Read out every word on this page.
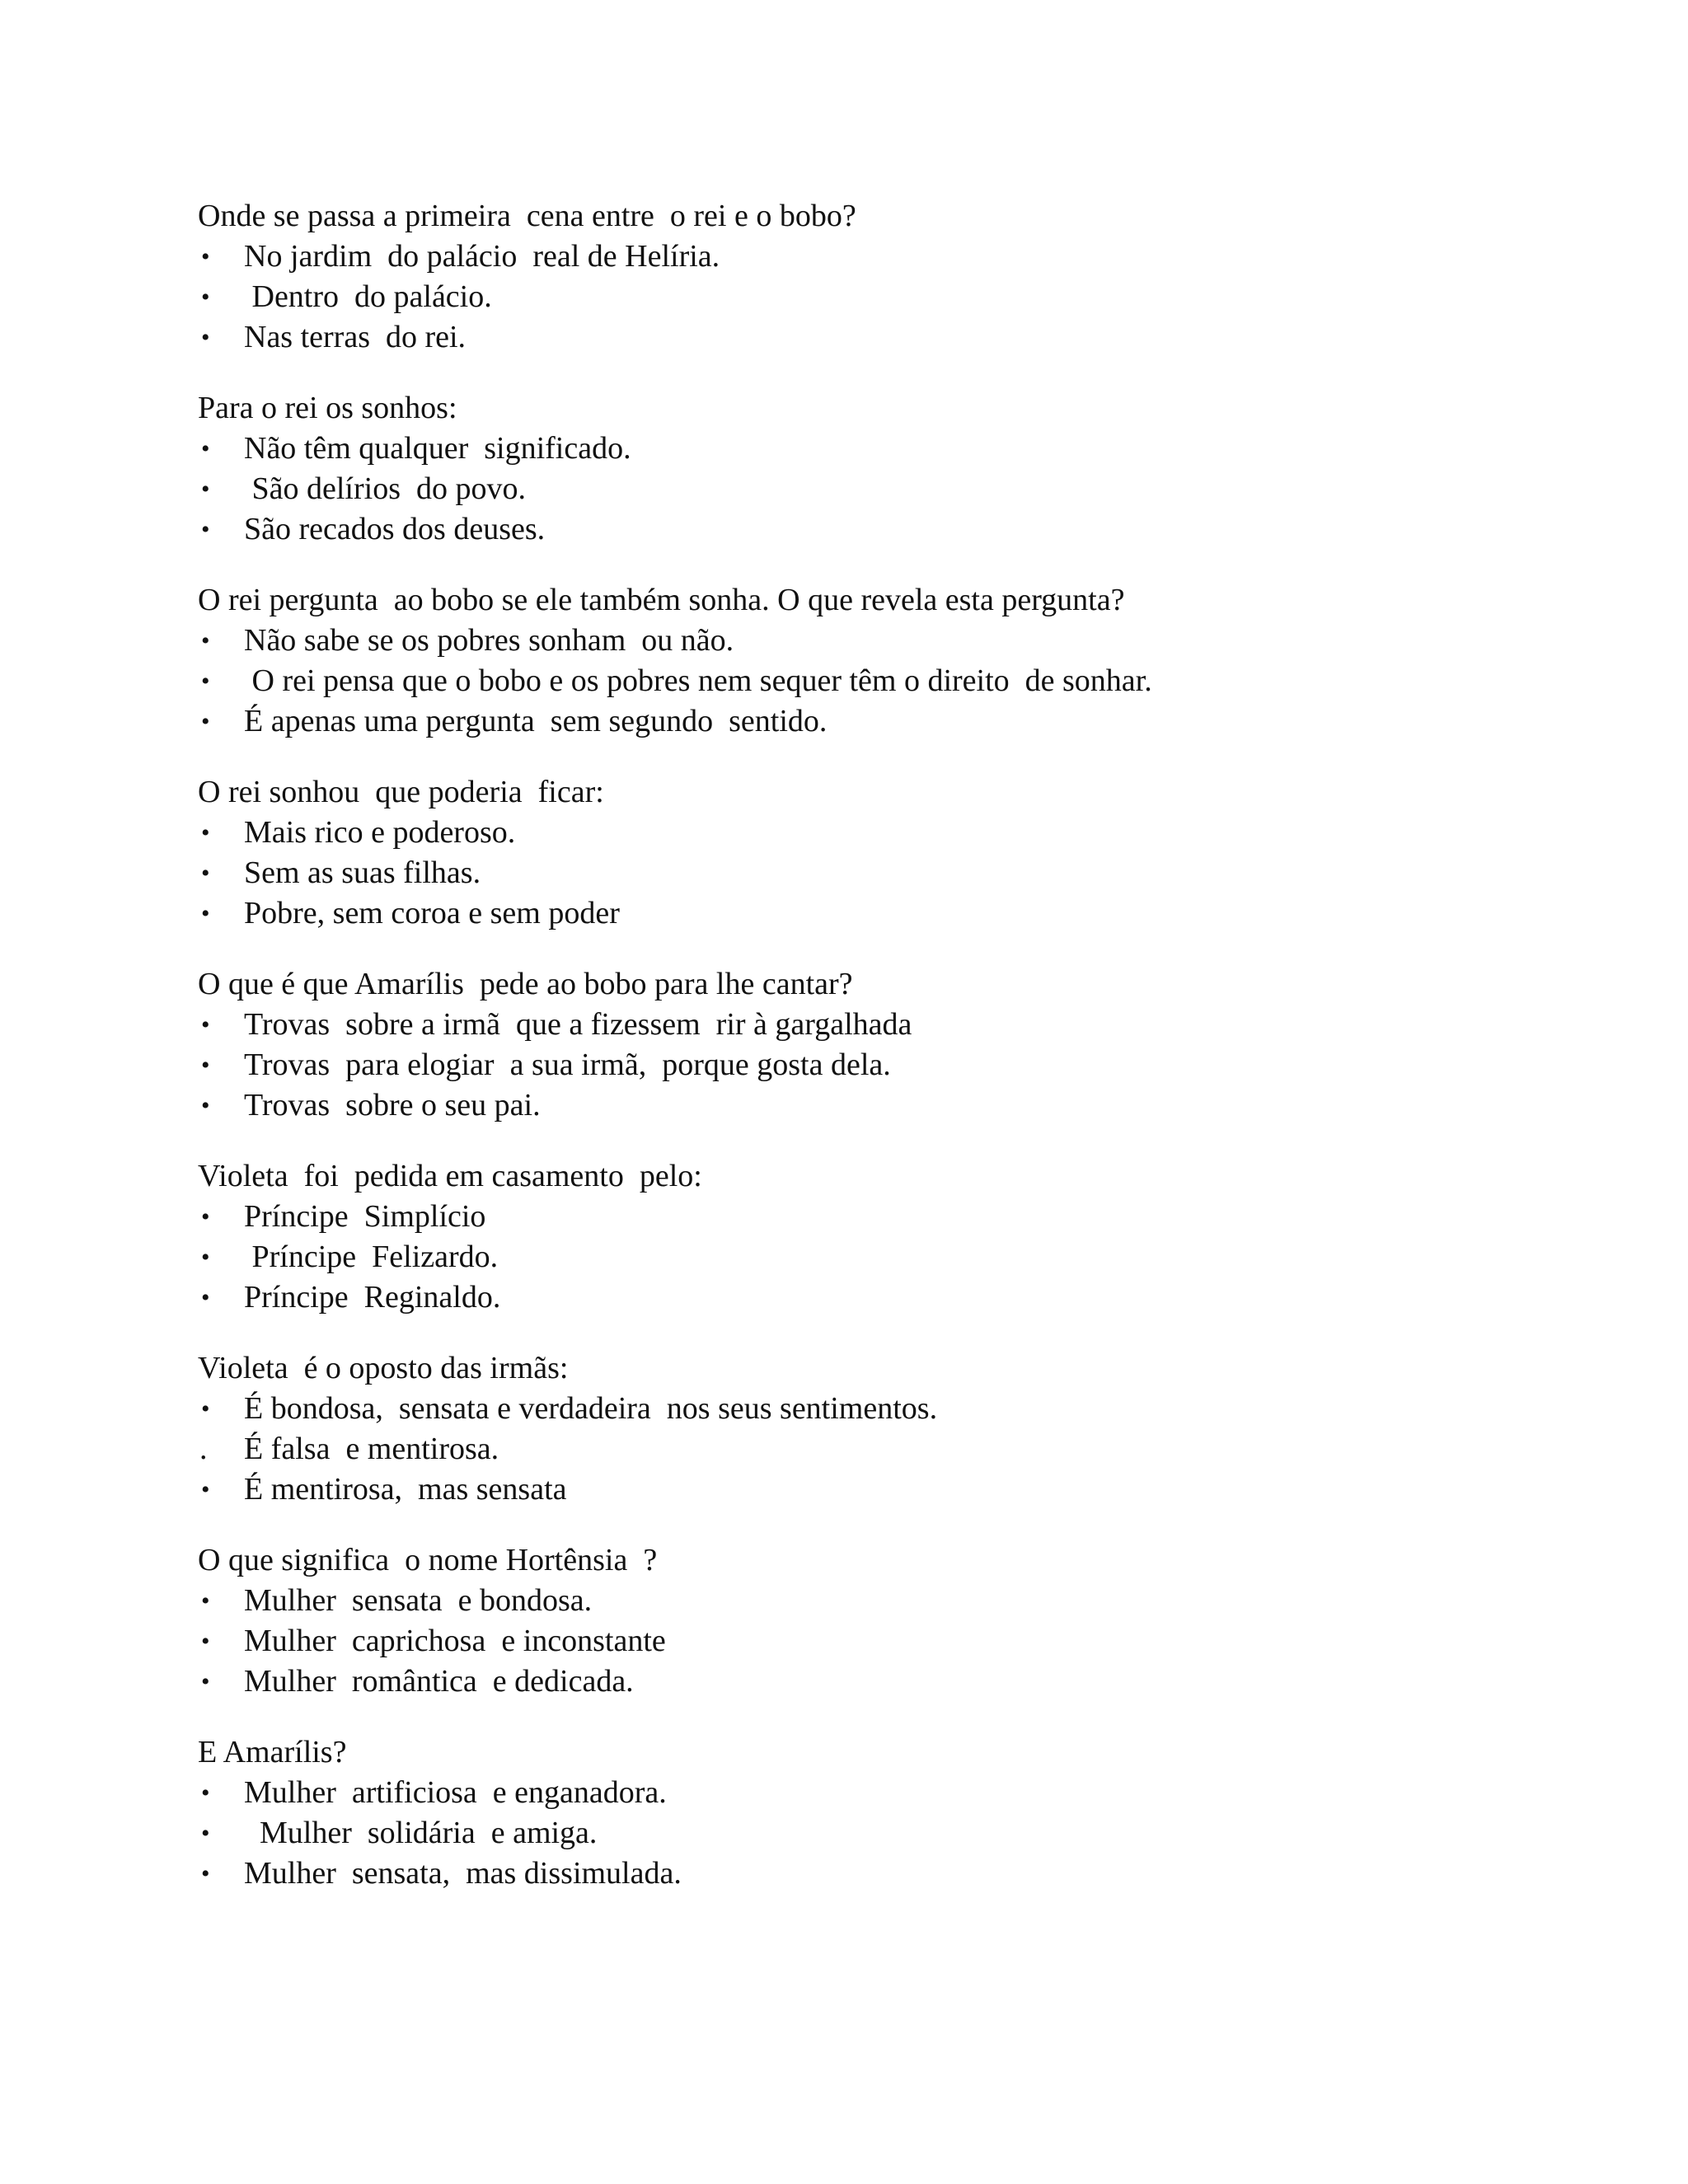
Onde se passa a primeira  cena entre  o rei e o bobo?

•

No jardim  do palácio  real de Helíria.

•

Dentro  do palácio.

•

Nas terras  do rei.

Para o rei os sonhos:

•

Não têm qualquer  significado.

•

São delírios  do povo.

•

São recados dos deuses.

O rei pergunta  ao bobo se ele também sonha. O que revela esta pergunta?

•

Não sabe se os pobres sonham  ou não.

•

O rei pensa que o bobo e os pobres nem sequer têm o direito  de sonhar.

•

É apenas uma pergunta  sem segundo  sentido.

O rei sonhou  que poderia  ficar:

•

Mais rico e poderoso.

•

Sem as suas filhas.

•

Pobre, sem coroa e sem poder

O que é que Amarílis  pede ao bobo para lhe cantar?

•

Trovas  sobre a irmã  que a fizessem  rir à gargalhada

•

Trovas  para elogiar  a sua irmã,  porque gosta dela.

•

Trovas  sobre o seu pai.

Violeta  foi  pedida em casamento  pelo:

•

Príncipe  Simplício

•

Príncipe  Felizardo.

•

Príncipe  Reginaldo.

Violeta  é o oposto das irmãs:

•

É bondosa,  sensata e verdadeira  nos seus sentimentos.

.

É falsa  e mentirosa.

•

É mentirosa,  mas sensata

O que significa  o nome Hortênsia  ?

•

Mulher  sensata  e bondosa.

•

Mulher  caprichosa  e inconstante

•

Mulher  romântica  e dedicada.

E Amarílis?

•

Mulher  artificiosa  e enganadora.

•

Mulher  solidária  e amiga.

•

Mulher  sensata,  mas dissimulada.
